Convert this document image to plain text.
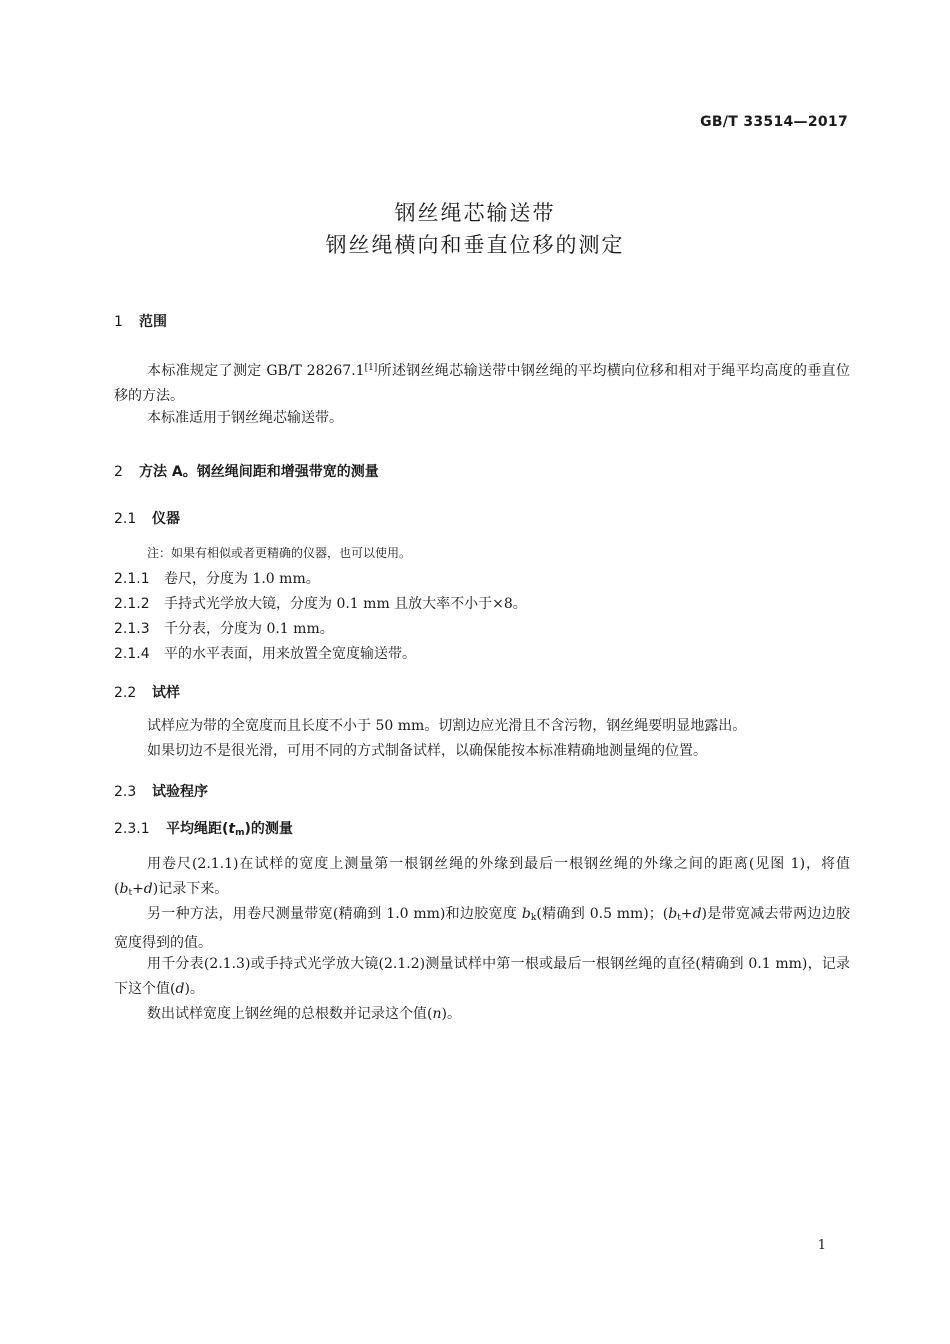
GB/T 33514—2017
钢丝绳芯输送带
钢丝绳横向和垂直位移的测定
1 范围
本标准规定了测定 GB/T 28267.1[1]所述钢丝绳芯输送带中钢丝绳的平均横向位移和相对于绳平均高度的垂直位移的方法。
本标准适用于钢丝绳芯输送带。
2 方法 A。钢丝绳间距和增强带宽的测量
2.1 仪器
注：如果有相似或者更精确的仪器，也可以使用。
2.1.1 卷尺，分度为 1.0 mm。
2.1.2 手持式光学放大镜，分度为 0.1 mm 且放大率不小于×8。
2.1.3 千分表，分度为 0.1 mm。
2.1.4 平的水平表面，用来放置全宽度输送带。
2.2 试样
试样应为带的全宽度而且长度不小于 50 mm。切割边应光滑且不含污物，钢丝绳要明显地露出。
如果切边不是很光滑，可用不同的方式制备试样，以确保能按本标准精确地测量绳的位置。
2.3 试验程序
2.3.1 平均绳距$(t_m)$的测量
用卷尺(2.1.1)在试样的宽度上测量第一根钢丝绳的外缘到最后一根钢丝绳的外缘之间的距离(见图 1)，将值$(b_t+d)$记录下来。
另一种方法，用卷尺测量带宽(精确到 1.0 mm)和边胶宽度 $b_k$(精确到 0.5 mm)；$(b_t+d)$是带宽减去带两边边胶宽度得到的值。
用千分表(2.1.3)或手持式光学放大镜(2.1.2)测量试样中第一根或最后一根钢丝绳的直径(精确到 0.1 mm)，记录下这个值(d)。
数出试样宽度上钢丝绳的总根数并记录这个值(n)。
1
